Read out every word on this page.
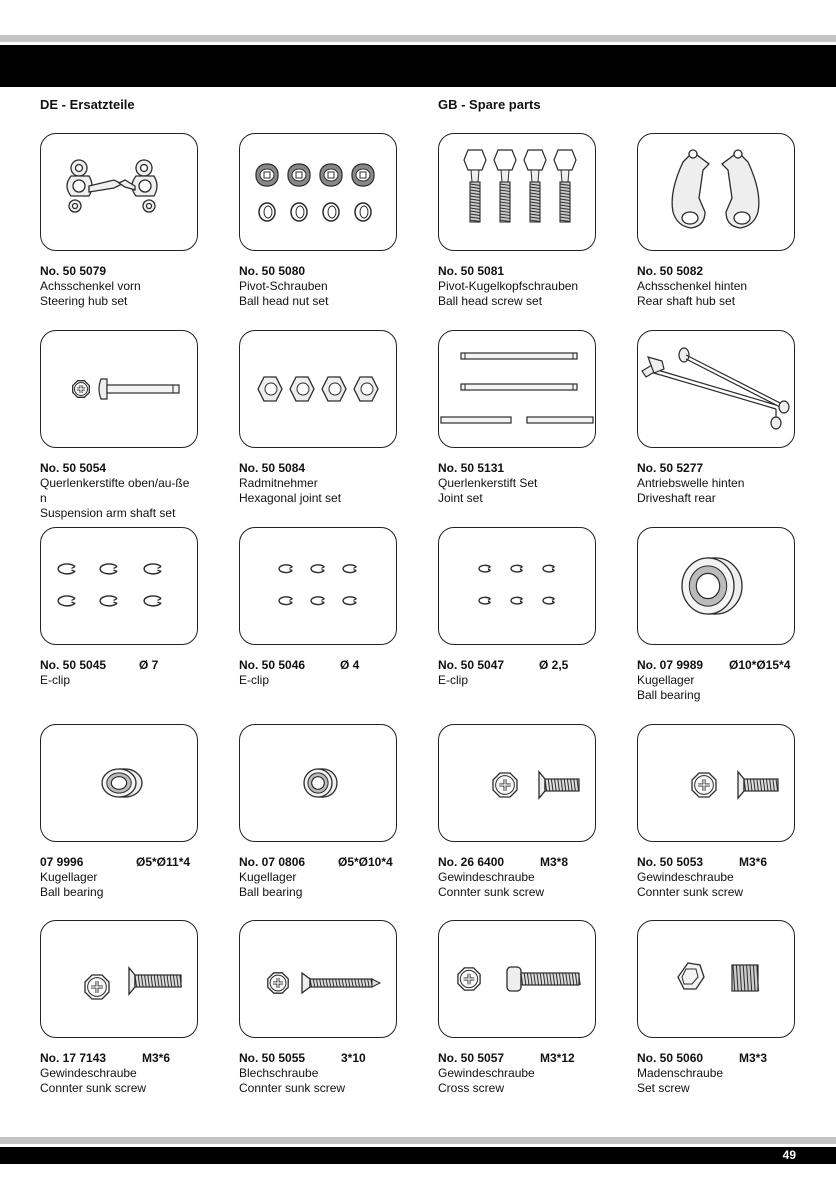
DE - Ersatzteile	GB - Spare parts
No. 50 5079
Achsschenkel vorn
Steering hub set
No. 50 5080
Pivot-Schrauben
Ball head nut set
No. 50 5081
Pivot-Kugelkopfschrauben
Ball head screw set
No. 50 5082
Achsschenkel hinten
Rear shaft hub set
No. 50 5054
Querlenkerstifte oben/au-ßen
Suspension arm shaft set
No. 50 5084
Radmitnehmer
Hexagonal joint set
No. 50 5131
Querlenkerstift Set
Joint set
No. 50 5277
Antriebswelle hinten
Driveshaft rear
No. 50 5045	Ø 7
E-clip
No. 50 5046	Ø 4
E-clip
No. 50 5047	Ø 2,5
E-clip
No. 07 9989 Ø10*Ø15*4
Kugellager
Ball bearing
07 9996	Ø5*Ø11*4
Kugellager
Ball bearing
No. 07 0806	Ø5*Ø10*4
Kugellager
Ball bearing
No. 26 6400	M3*8
Gewindeschraube
Connter sunk screw
No. 50 5053	M3*6
Gewindeschraube
Connter sunk screw
No. 17 7143	M3*6
Gewindeschraube
Connter sunk screw
No. 50 5055	3*10
Blechschraube
Connter sunk screw
No. 50 5057	M3*12
Gewindeschraube
Cross screw
No. 50 5060	M3*3
Madenschraube
Set screw
49
